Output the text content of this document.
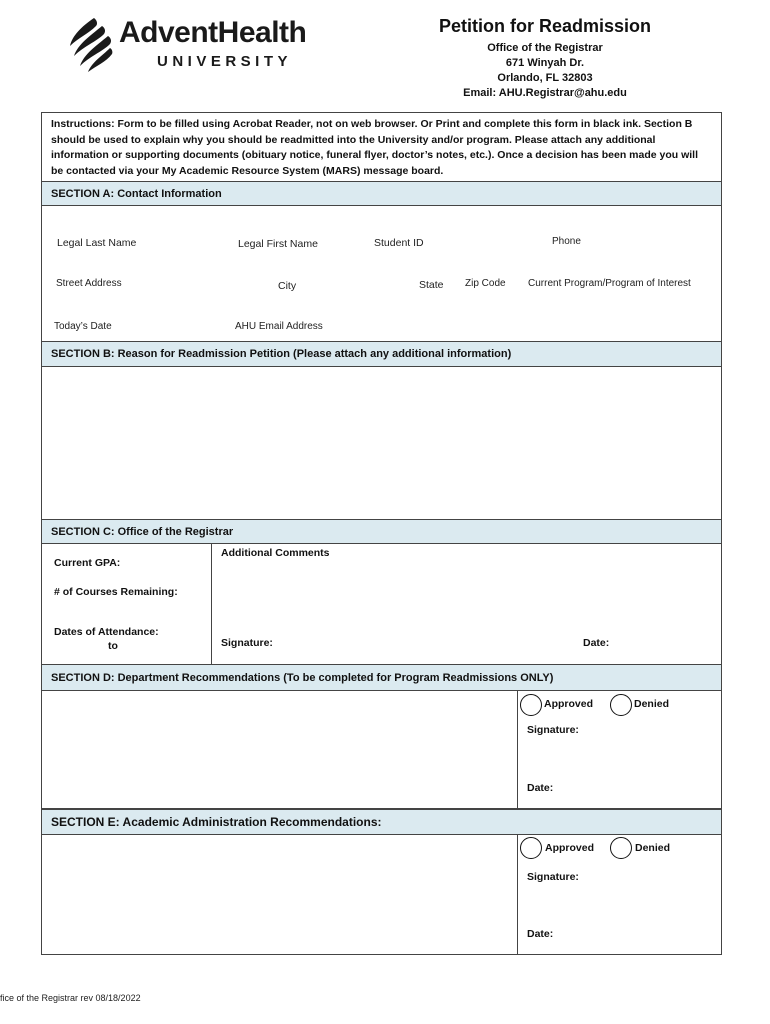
AdventHealth
UNIVERSITY
Petition for Readmission
Office of the Registrar
671 Winyah Dr.
Orlando, FL 32803
Email: AHU.Registrar@ahu.edu
Instructions: Form to be filled using Acrobat Reader, not on web browser. Or Print and complete this form in black ink. Section B should be used to explain why you should be readmitted into the University and/or program. Please attach any additional information or supporting documents (obituary notice, funeral flyer, doctor’s notes, etc.). Once a decision has been made you will be contacted via your My Academic Resource System (MARS) message board.
SECTION A: Contact Information
Legal Last Name	Legal First Name	Student ID	Phone
Street Address	City	State Zip Code Current Program/Program of Interest
Today’s Date	AHU Email Address
SECTION B: Reason for Readmission Petition (Please attach any additional information)
SECTION C: Office of the Registrar
Current GPA:
# of Courses Remaining:
Dates of Attendance:
to
Additional Comments
Signature:	Date:
SECTION D: Department Recommendations (To be completed for Program Readmissions ONLY)
Approved	Denied
Signature:
Date:
SECTION E: Academic Administration Recommendations:
Approved	Denied
Signature:
Date:
fice of the Registrar rev 08/18/2022
